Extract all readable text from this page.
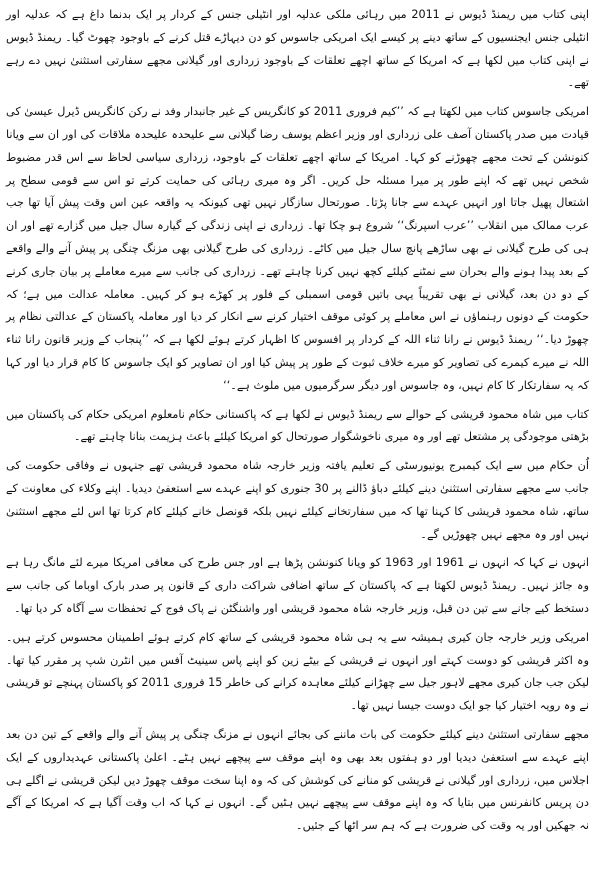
اپنی کتاب میں ریمنڈ ڈیوس نے 2011 میں رہائی ملکی عدلیہ اور انٹیلی جنس کے کردار پر ایک بدنما داغ ہے کہ عدلیہ اور انٹیلی جنس ایجنسیوں کے ساتھ دینے پر کیسے ایک امریکی جاسوس کو دن دیہاڑے قتل کرنے کے باوجود چھوٹ گیا۔ ریمنڈ ڈیوس نے اپنی کتاب میں لکھا ہے کہ امریکا کے ساتھ اچھے تعلقات کے باوجود زرداری اور گیلانی مجھے سفارتی استثنیٰ نہیں دے رہے تھے۔

امریکی جاسوس کتاب میں لکھتا ہے کہ ’’کیم فروری 2011 کو کانگریس کے غیر جانبدار وفد نے رکن کانگریس ڈیرل عیسیٰ کی قیادت میں صدر پاکستان آصف علی زرداری اور وزیر اعظم یوسف رضا گیلانی سے علیحدہ علیحدہ ملاقات کی اور ان سے ویانا کنونشن کے تحت مجھے چھوڑنے کو کہا۔ امریکا کے ساتھ اچھے تعلقات کے باوجود، زرداری سیاسی لحاظ سے اس قدر مضبوط شخص نہیں تھے کہ اپنے طور پر میرا مسئلہ حل کریں۔ اگر وہ میری رہائی کی حمایت کرتے تو اس سے قومی سطح پر اشتعال پھیل جاتا اور انہیں عہدے سے جانا پڑتا۔ صورتحال سازگار نہیں تھی کیونکہ یہ واقعہ عین اس وقت پیش آیا تھا جب عرب ممالک میں انقلاب ’’عرب اسپرنگ‘‘ شروع ہو چکا تھا۔ زرداری نے اپنی زندگی کے گیارہ سال جیل میں گزارے تھے اور ان ہی کی طرح گیلانی نے بھی ساڑھے پانچ سال جیل میں کاٹے۔ زرداری کی طرح گیلانی بھی مزنگ چنگی پر پیش آنے والے واقعے کے بعد پیدا ہونے والے بحران سے نمٹنے کیلئے کچھ نہیں کرنا چاہتے تھے۔ زرداری کی جانب سے میرے معاملے پر بیان جاری کرنے کے دو دن بعد، گیلانی نے بھی تقریباً یہی باتیں قومی اسمبلی کے فلور پر کھڑے ہو کر کہیں۔ معاملہ عدالت میں ہے؛ کہ حکومت کے دونوں رہنماؤں نے اس معاملے پر کوئی موقف اختیار کرنے سے انکار کر دیا اور معاملہ پاکستان کے عدالتی نظام پر چھوڑ دیا۔‘‘ ریمنڈ ڈیوس نے رانا ثناء اللہ کے کردار پر افسوس کا اظہار کرتے ہوئے لکھا ہے کہ ’’پنجاب کے وزیر قانون رانا ثناء اللہ نے میرے کیمرے کی تصاویر کو میرے خلاف ثبوت کے طور پر پیش کیا اور ان تصاویر کو ایک جاسوس کا کام قرار دیا اور کہا کہ یہ سفارتکار کا کام نہیں، وہ جاسوس اور دیگر سرگرمیوں میں ملوث ہے۔‘‘

کتاب میں شاہ محمود قریشی کے حوالے سے ریمنڈ ڈیوس نے لکھا ہے کہ پاکستانی حکام نامعلوم امریکی حکام کی پاکستان میں بڑھتی موجودگی پر مشتعل تھے اور وہ میری ناخوشگوار صورتحال کو امریکا کیلئے باعث ہزیمت بنانا چاہتے تھے۔

اُن حکام میں سے ایک کیمبرج یونیورسٹی کے تعلیم یافتہ وزیر خارجہ شاہ محمود قریشی تھے جنہوں نے وفاقی حکومت کی جانب سے مجھے سفارتی استثنیٰ دینے کیلئے دباؤ ڈالنے پر 30 جنوری کو اپنے عہدے سے استعفیٰ دیدیا۔ اپنے وکلاء کی معاونت کے ساتھ، شاہ محمود قریشی کا کہنا تھا کہ میں سفارتخانے کیلئے نہیں بلکہ قونصل خانے کیلئے کام کرتا تھا اس لئے مجھے استثنیٰ نہیں اور وہ مجھے نہیں چھوڑیں گے۔

انہوں نے کہا کہ انہوں نے 1961 اور 1963 کو ویانا کنونشن پڑھا ہے اور جس طرح کی معافی امریکا میرے لئے مانگ رہا ہے وہ جائز نہیں۔ ریمنڈ ڈیوس لکھتا ہے کہ پاکستان کے ساتھ اضافی شراکت داری کے قانون پر صدر بارک اوباما کی جانب سے دستخط کیے جانے سے تین دن قبل، وزیر خارجہ شاہ محمود قریشی اور واشنگٹن نے پاک فوج کے تحفظات سے آگاہ کر دیا تھا۔

امریکی وزیر خارجہ جان کیری ہمیشہ سے یہ ہی شاہ محمود قریشی کے ساتھ کام کرتے ہوئے اطمینان محسوس کرتے ہیں۔ وہ اکثر قریشی کو دوست کہتے اور انہوں نے قریشی کے بیٹے زین کو اپنے پاس سینیٹ آفس میں انٹرن شپ پر مقرر کیا تھا۔ لیکن جب جان کیری مجھے لاہور جیل سے چھڑانے کیلئے معاہدہ کرانے کی خاطر 15 فروری 2011 کو پاکستان پہنچے تو قریشی نے وہ رویہ اختیار کیا جو ایک دوست جیسا نہیں تھا۔

مجھے سفارتی استثنیٰ دینے کیلئے حکومت کی بات ماننے کی بجائے انہوں نے مزنگ چنگی پر پیش آنے والے واقعے کے تین دن بعد اپنے عہدے سے استعفیٰ دیدیا اور دو ہفتوں بعد بھی وہ اپنے موقف سے پیچھے نہیں ہٹے۔ اعلیٰ پاکستانی عہدیداروں کے ایک اجلاس میں، زرداری اور گیلانی نے قریشی کو منانے کی کوشش کی کہ وہ اپنا سخت موقف چھوڑ دیں لیکن قریشی نے اگلے ہی دن پریس کانفرنس میں بتایا کہ وہ اپنے موقف سے پیچھے نہیں ہٹیں گے۔ انہوں نے کہا کہ اب وقت آگیا ہے کہ امریکا کے آگے نہ جھکیں اور یہ وقت کی ضرورت ہے کہ ہم سر اٹھا کے جئیں۔
